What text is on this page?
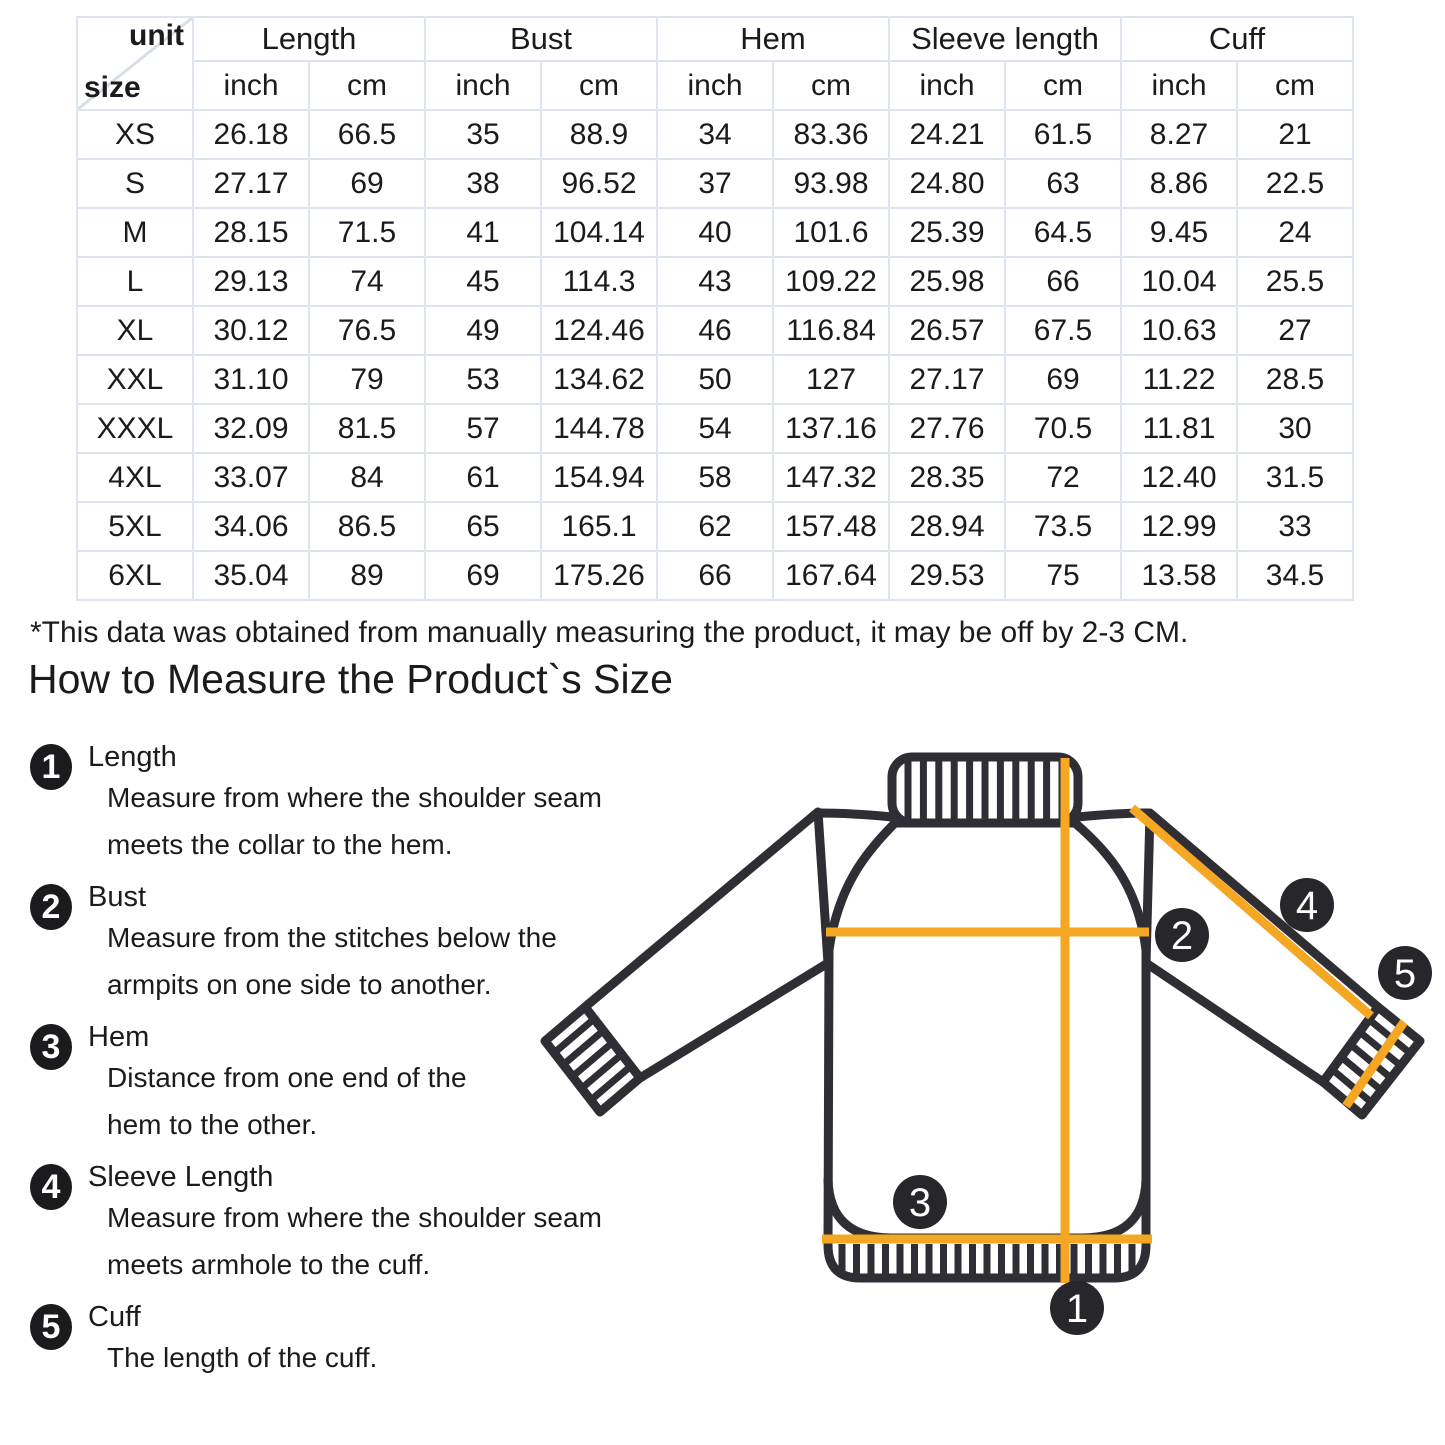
unit
size	Length		Bust		Hem		Sleeve length		Cuff	
	inch	cm	inch	cm	inch	cm	inch	cm	inch	cm
XS	26.18	66.5	35	88.9	34	83.36	24.21	61.5	8.27	21
S	27.17	69	38	96.52	37	93.98	24.80	63	8.86	22.5
M	28.15	71.5	41	104.14	40	101.6	25.39	64.5	9.45	24
L	29.13	74	45	114.3	43	109.22	25.98	66	10.04	25.5
XL	30.12	76.5	49	124.46	46	116.84	26.57	67.5	10.63	27
XXL	31.10	79	53	134.62	50	127	27.17	69	11.22	28.5
XXXL	32.09	81.5	57	144.78	54	137.16	27.76	70.5	11.81	30
4XL	33.07	84	61	154.94	58	147.32	28.35	72	12.40	31.5
5XL	34.06	86.5	65	165.1	62	157.48	28.94	73.5	12.99	33
6XL	35.04	89	69	175.26	66	167.64	29.53	75	13.58	34.5

*This data was obtained from manually measuring the product, it may be off by 2-3 CM.

How to Measure the Product`s Size
1 Length
Measure from where the shoulder seam
meets the collar to the hem.
2 Bust
Measure from the stitches below the
armpits on one side to another.
3 Hem
Distance from one end of the
hem to the other.
4 Sleeve Length
Measure from where the shoulder seam
meets armhole to the cuff.
5 Cuff
The length of the cuff.
1
2
3
4
5
